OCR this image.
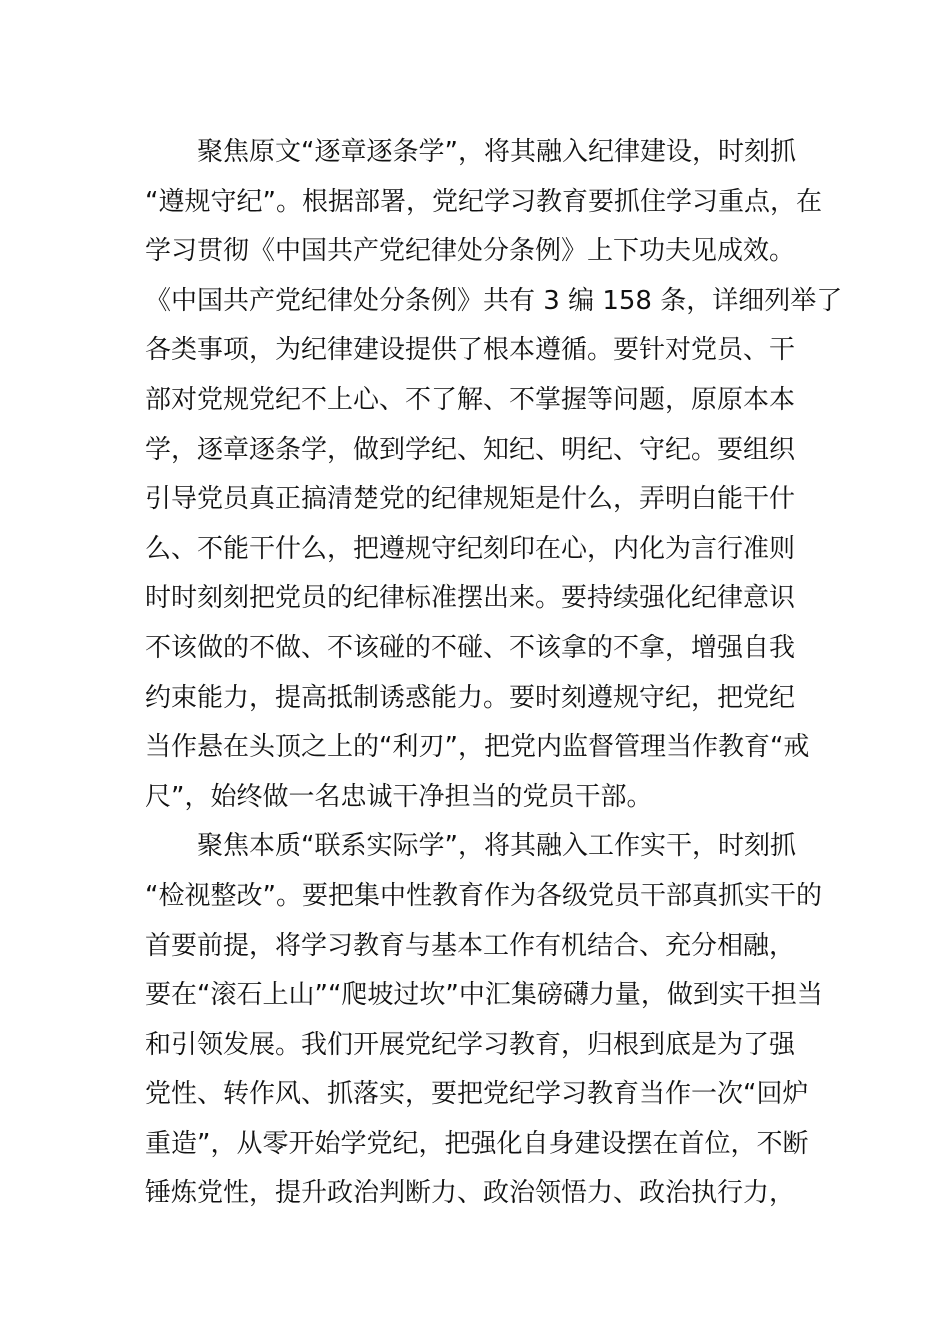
聚焦原文“逐章逐条学”，将其融入纪律建设，时刻抓
“遵规守纪”。根据部署，党纪学习教育要抓住学习重点，在
学习贯彻《中国共产党纪律处分条例》上下功夫见成效。
《中国共产党纪律处分条例》共有 3 编 158 条，详细列举了
各类事项，为纪律建设提供了根本遵循。要针对党员、干
部对党规党纪不上心、不了解、不掌握等问题，原原本本
学，逐章逐条学，做到学纪、知纪、明纪、守纪。要组织
引导党员真正搞清楚党的纪律规矩是什么，弄明白能干什
么、不能干什么，把遵规守纪刻印在心，内化为言行准则
时时刻刻把党员的纪律标准摆出来。要持续强化纪律意识
不该做的不做、不该碰的不碰、不该拿的不拿，增强自我
约束能力，提高抵制诱惑能力。要时刻遵规守纪，把党纪
当作悬在头顶之上的“利刃”，把党内监督管理当作教育“戒
尺”，始终做一名忠诚干净担当的党员干部。

聚焦本质“联系实际学”，将其融入工作实干，时刻抓
“检视整改”。要把集中性教育作为各级党员干部真抓实干的
首要前提，将学习教育与基本工作有机结合、充分相融，
要在“滚石上山”“爬坡过坎”中汇集磅礴力量，做到实干担当
和引领发展。我们开展党纪学习教育，归根到底是为了强
党性、转作风、抓落实，要把党纪学习教育当作一次“回炉
重造”，从零开始学党纪，把强化自身建设摆在首位，不断
锤炼党性，提升政治判断力、政治领悟力、政治执行力，
